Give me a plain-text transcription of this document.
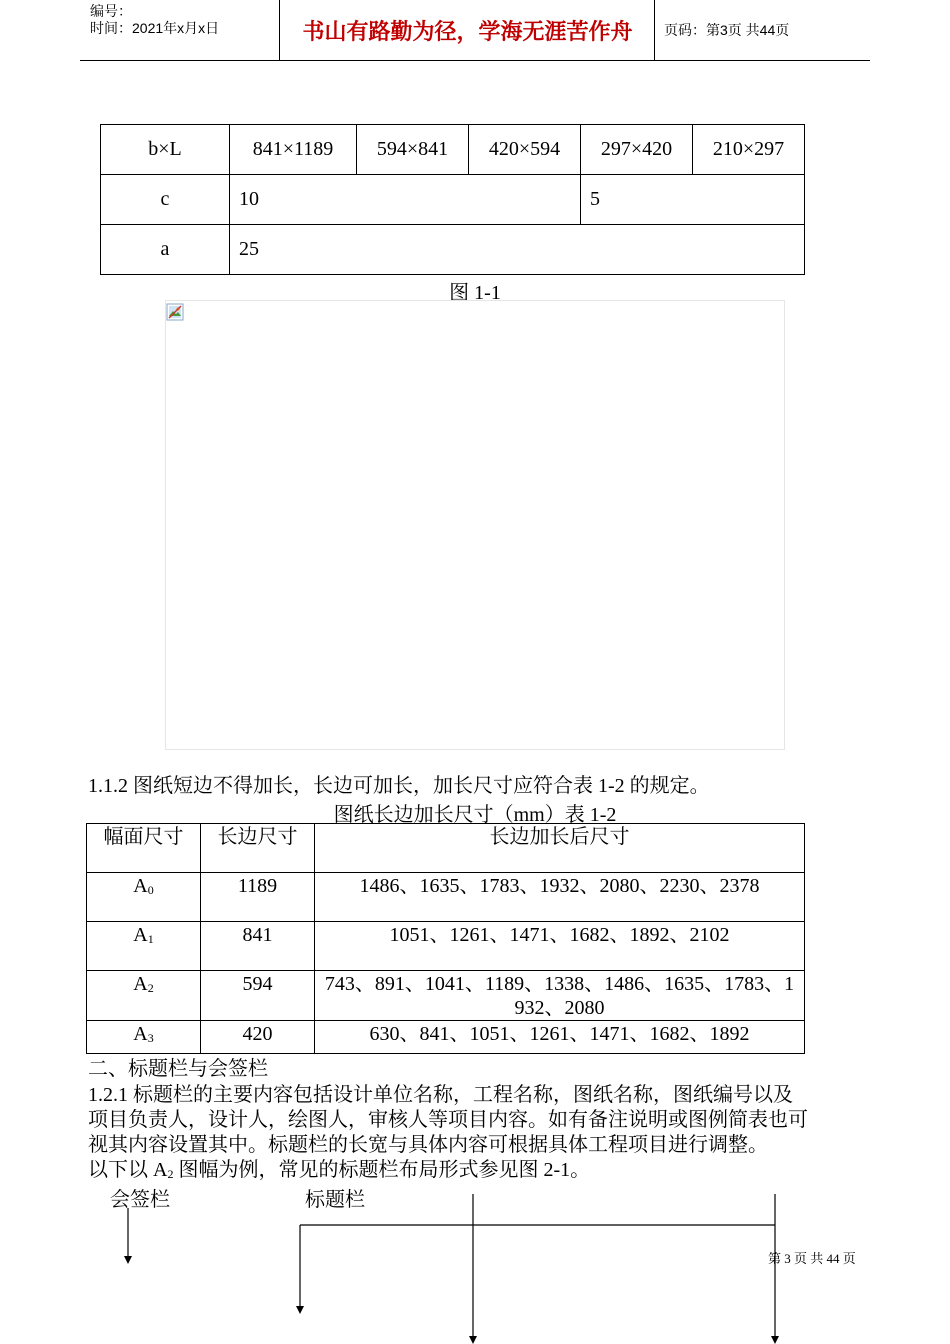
编号：
时间：2021年x月x日	书山有路勤为径，学海无涯苦作舟	页码：第3页 共44页
b×L	841×1189	594×841	420×594	297×420	210×297
c	10			5	
a	25				
图 1-1
1.1.2 图纸短边不得加长，长边可加长，加长尺寸应符合表 1-2 的规定。
图纸长边加长尺寸（mm）表 1-2
幅面尺寸	长边尺寸	长边加长后尺寸
$A_0$	1189	1486、1635、1783、1932、2080、2230、2378
$A_1$	841	1051、1261、1471、1682、1892、2102
$A_2$	594	743、891、1041、1189、1338、1486、1635、1783、1932、2080
$A_3$	420	630、841、1051、1261、1471、1682、1892
二、标题栏与会签栏
1.2.1 标题栏的主要内容包括设计单位名称，工程名称，图纸名称，图纸编号以及
项目负责人，设计人，绘图人，审核人等项目内容。如有备注说明或图例简表也可
视其内容设置其中。标题栏的长宽与具体内容可根据具体工程项目进行调整。
以下以 $A_2$ 图幅为例，常见的标题栏布局形式参见图 2-1。
会签栏	标题栏
第 3 页 共 44 页
